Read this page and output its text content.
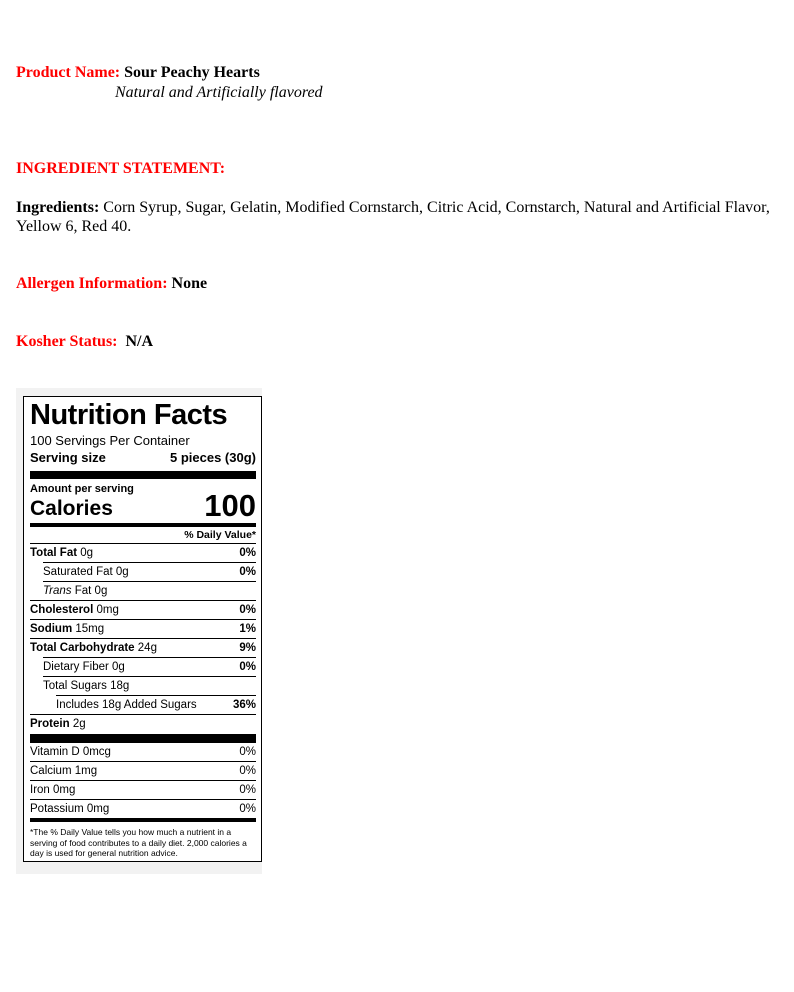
Product Name: Sour Peachy Hearts
Natural and Artificially flavored
INGREDIENT STATEMENT:
Ingredients: Corn Syrup, Sugar, Gelatin, Modified Cornstarch, Citric Acid, Cornstarch, Natural and Artificial Flavor, Yellow 6, Red 40.
Allergen Information: None
Kosher Status: N/A
Nutrition Facts
100 Servings Per Container
Serving size	5 pieces (30g)
Amount per serving
Calories	100
% Daily Value*
Total Fat 0g	0%
Saturated Fat 0g	0%
Trans Fat 0g
Cholesterol 0mg	0%
Sodium 15mg	1%
Total Carbohydrate 24g	9%
Dietary Fiber 0g	0%
Total Sugars 18g
Includes 18g Added Sugars	36%
Protein 2g
Vitamin D 0mcg	0%
Calcium 1mg	0%
Iron 0mg	0%
Potassium 0mg	0%
*The % Daily Value tells you how much a nutrient in a serving of food contributes to a daily diet. 2,000 calories a day is used for general nutrition advice.
